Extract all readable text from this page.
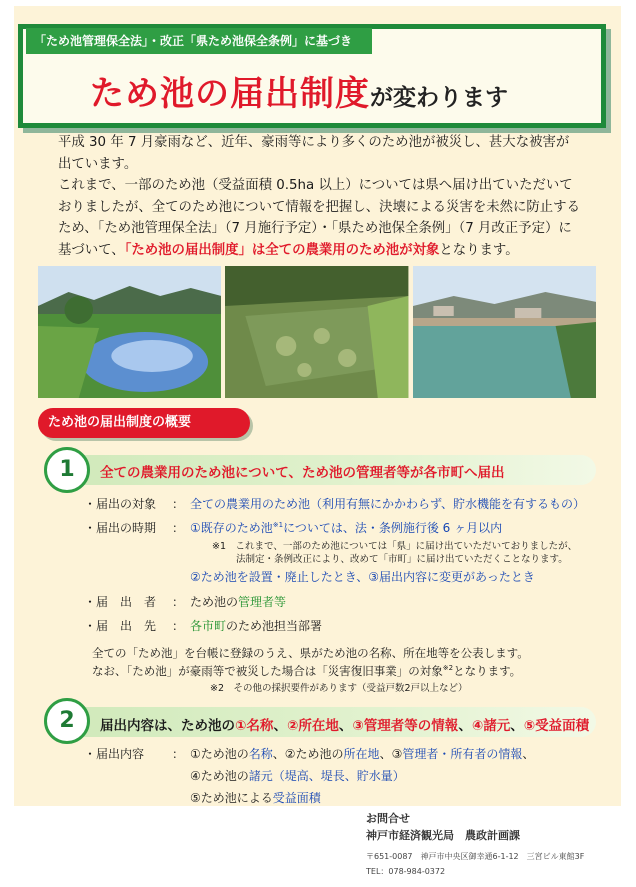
「ため池管理保全法」・改正「県ため池保全条例」に基づき
ため池の届出制度が変わります
平成 30 年 7 月豪雨など、近年、豪雨等により多くのため池が被災し、甚大な被害が
出ています。
これまで、一部のため池（受益面積 0.5ha 以上）については県へ届け出ていただいて
おりましたが、全てのため池について情報を把握し、決壊による災害を未然に防止する
ため、「ため池管理保全法」（7 月施行予定）・「県ため池保全条例」（7 月改正予定）に
基づいて、「ため池の届出制度」は全ての農業用のため池が対象となります。
ため池の届出制度の概要
1	全ての農業用のため池について、ため池の管理者等が各市町へ届出
・届出の対象 ： 全ての農業用のため池（利用有無にかかわらず、貯水機能を有するもの）
・届出の時期 ： ①既存のため池$^{※1}$については、法・条例施行後 6 ヶ月以内
※1　これまで、一部のため池については「県」に届け出ていただいておりましたが、
法制定・条例改正により、改めて「市町」に届け出ていただくことなります。
②ため池を設置・廃止したとき、③届出内容に変更があったとき
・届　出　者 ： ため池の管理者等
・届　出　先 ： 各市町のため池担当部署
全ての「ため池」を台帳に登録のうえ、県がため池の名称、所在地等を公表します。
なお、「ため池」が豪雨等で被災した場合は「災害復旧事業」の対象$^{※2}$となります。
※2　その他の採択要件があります（受益戸数2戸以上など）
2	届出内容は、ため池の①名称、②所在地、③管理者等の情報、④諸元、⑤受益面積
・届出内容 ： ①ため池の名称、②ため池の所在地、③管理者・所有者の情報、
④ため池の諸元（堤高、堤長、貯水量）
⑤ため池による受益面積
お問合せ
神戸市経済観光局　農政計画課
〒651-0087　神戸市中央区御幸通6-1-12　三宮ビル東館3F
TEL：078-984-0372
